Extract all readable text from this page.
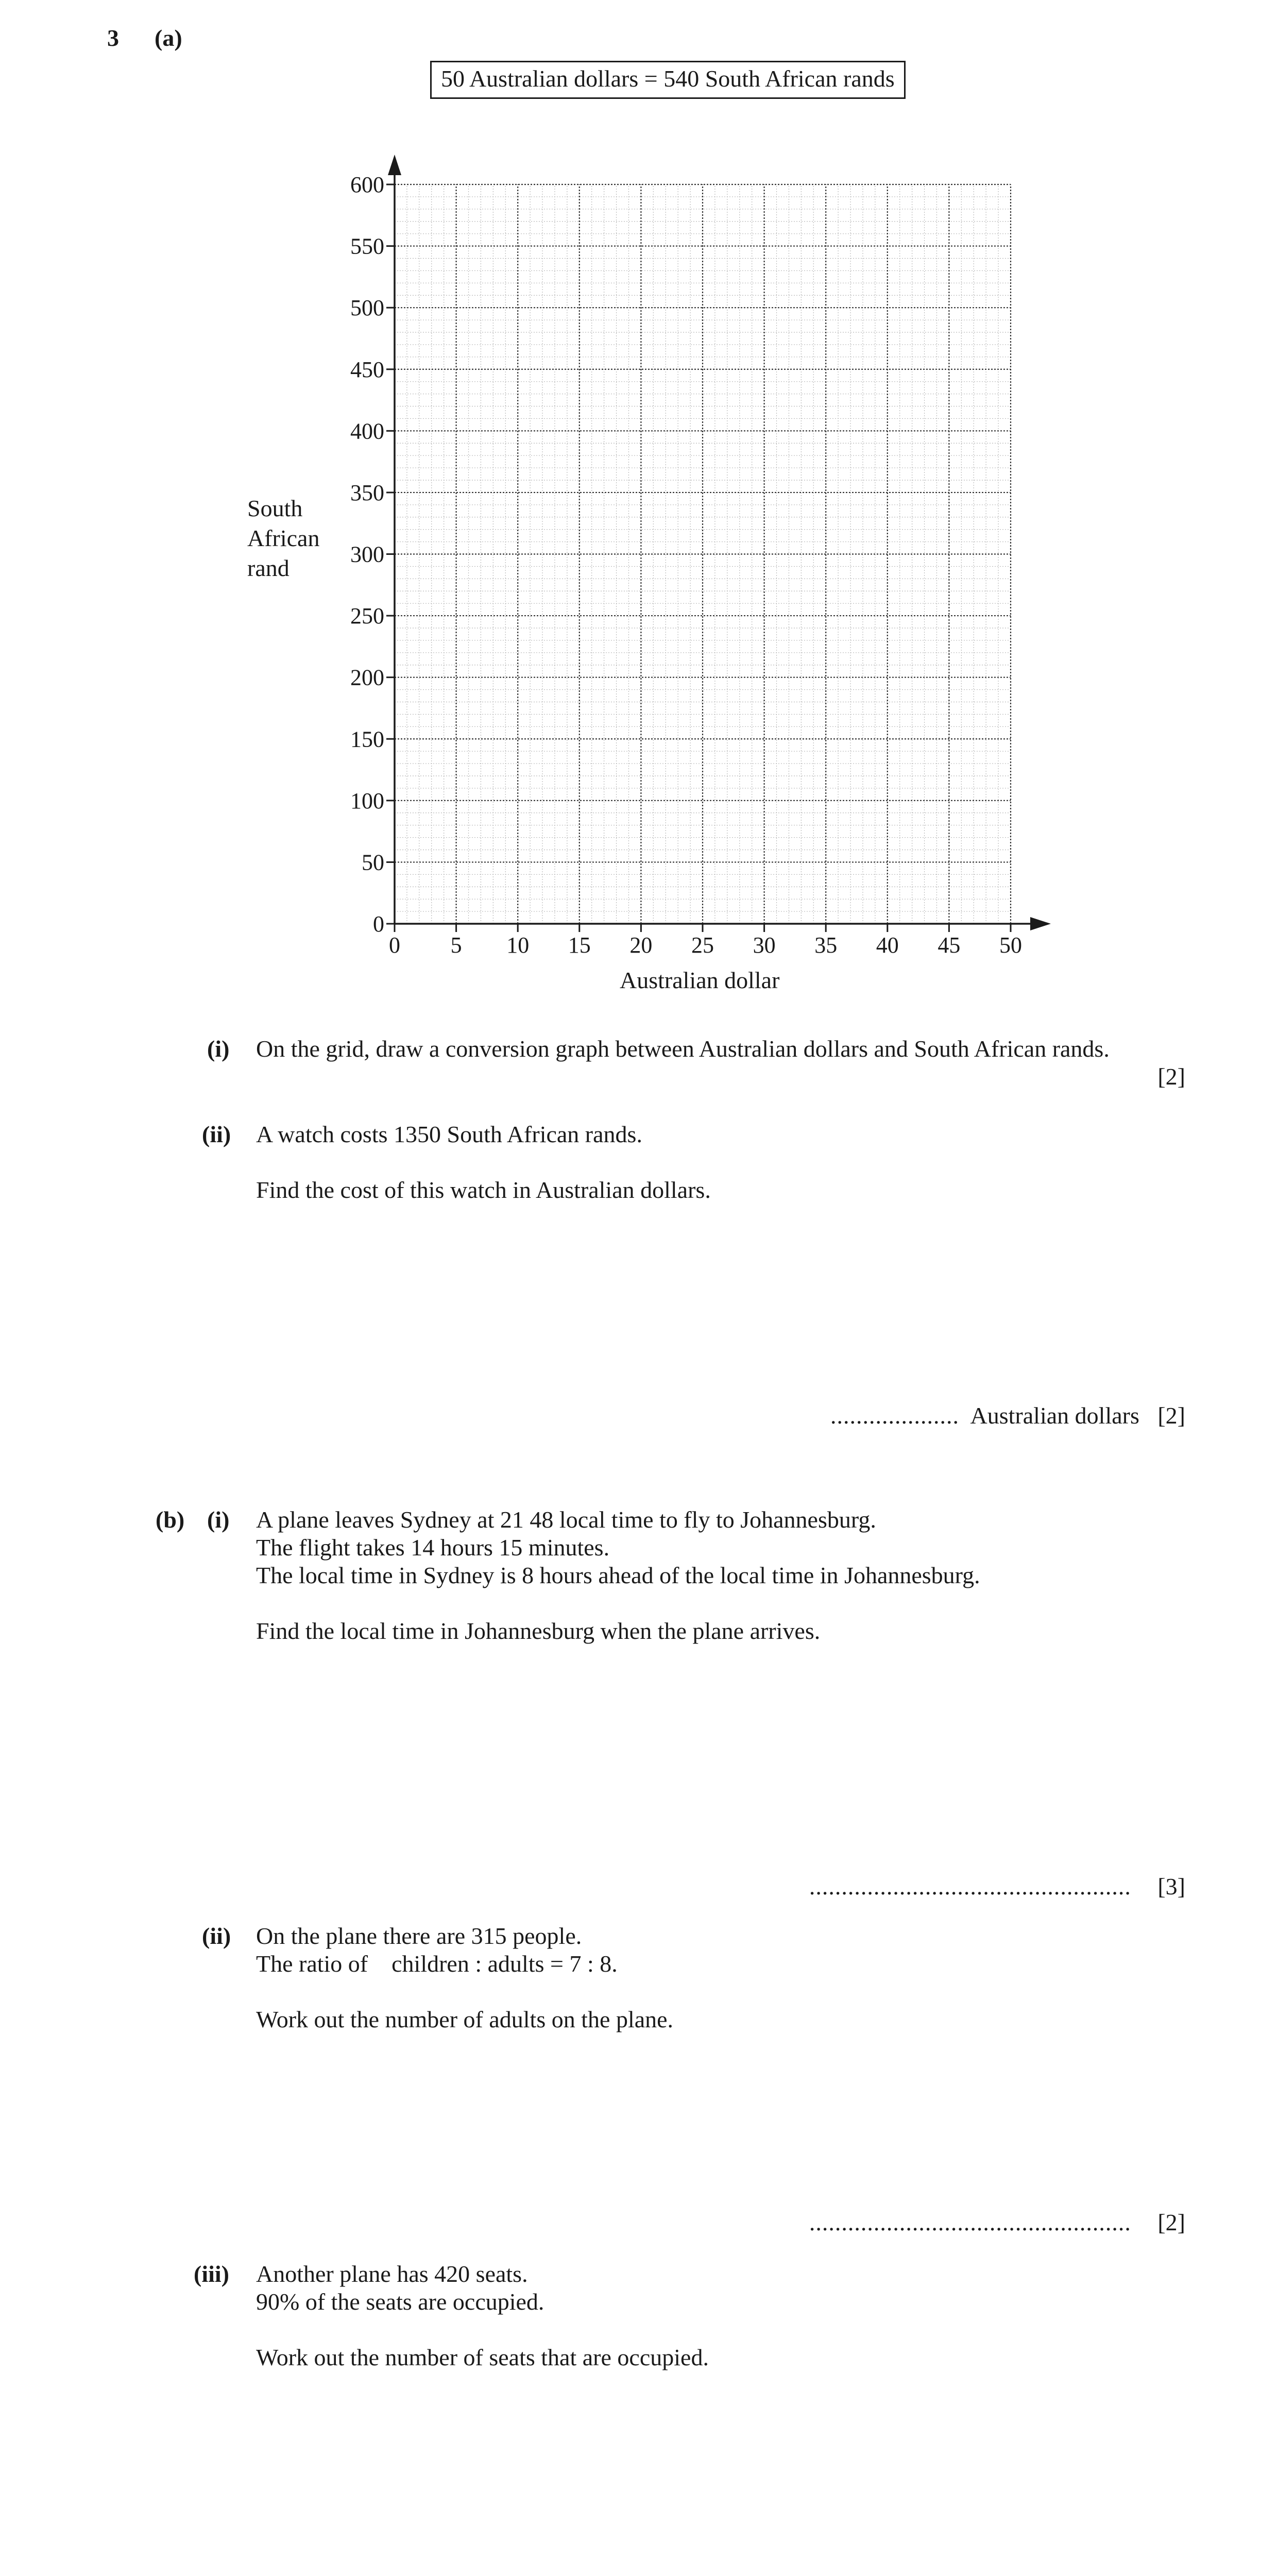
3 (a)
50 Australian dollars = 540 South African rands
0 5 10 15 20 25 30 35 40 45 50
0
50
100
150
200
250
300
350
400
450
500
550
600
South
African
rand
Australian dollar
(i) On the grid, draw a conversion graph between Australian dollars and South African rands.
[2]
(ii) A watch costs 1350 South African rands.
Find the cost of this watch in Australian dollars.
.................... Australian dollars [2]
(b) (i) A plane leaves Sydney at 21 48 local time to fly to Johannesburg.
The flight takes 14 hours 15 minutes.
The local time in Sydney is 8 hours ahead of the local time in Johannesburg.
Find the local time in Johannesburg when the plane arrives.
.................................................. [3]
(ii) On the plane there are 315 people.
The ratio of    children : adults = 7 : 8.
Work out the number of adults on the plane.
.................................................. [2]
(iii) Another plane has 420 seats.
90% of the seats are occupied.
Work out the number of seats that are occupied.
